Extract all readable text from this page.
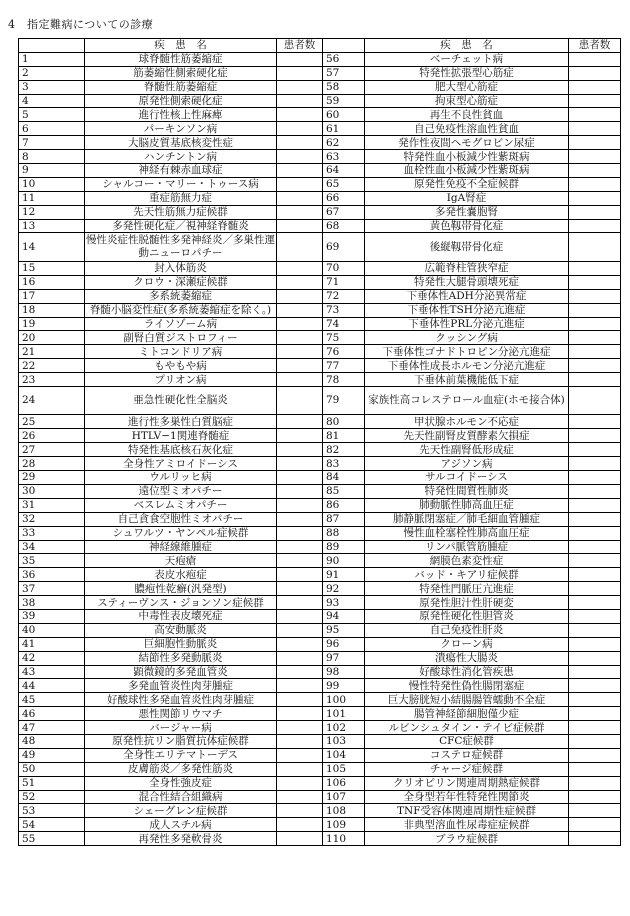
4　指定難病についての診療
	疾　患　名	患者数		疾　患　名	患者数
1	球脊髄性筋萎縮症		56	ベーチェット病	
2	筋萎縮性側索硬化症		57	特発性拡張型心筋症	
3	脊髄性筋萎縮症		58	肥大型心筋症	
4	原発性側索硬化症		59	拘束型心筋症	
5	進行性核上性麻痺		60	再生不良性貧血	
6	パーキンソン病		61	自己免疫性溶血性貧血	
7	大脳皮質基底核変性症		62	発作性夜間ヘモグロビン尿症	
8	ハンチントン病		63	特発性血小板減少性紫斑病	
9	神経有棘赤血球症		64	血栓性血小板減少性紫斑病	
10	シャルコー・マリー・トゥース病		65	原発性免疫不全症候群	
11	重症筋無力症		66	IgA腎症	
12	先天性筋無力症候群		67	多発性嚢胞腎	
13	多発性硬化症／視神経脊髄炎		68	黄色靱帯骨化症	
14	慢性炎症性脱髄性多発神経炎／多巣性運動ニューロパチー		69	後縦靱帯骨化症	
15	封入体筋炎		70	広範脊柱管狭窄症	
16	クロウ・深瀬症候群		71	特発性大腿骨頭壊死症	
17	多系統萎縮症		72	下垂体性ADH分泌異常症	
18	脊髄小脳変性症(多系統萎縮症を除く。)		73	下垂体性TSH分泌亢進症	
19	ライソゾーム病		74	下垂体性PRL分泌亢進症	
20	副腎白質ジストロフィー		75	クッシング病	
21	ミトコンドリア病		76	下垂体性ゴナドトロピン分泌亢進症	
22	もやもや病		77	下垂体性成長ホルモン分泌亢進症	
23	プリオン病		78	下垂体前葉機能低下症	
24	亜急性硬化性全脳炎		79	家族性高コレステロール血症(ホモ接合体)	
25	進行性多巣性白質脳症		80	甲状腺ホルモン不応症	
26	HTLV−1関連脊髄症		81	先天性副腎皮質酵素欠損症	
27	特発性基底核石灰化症		82	先天性副腎低形成症	
28	全身性アミロイドーシス		83	アジソン病	
29	ウルリッヒ病		84	サルコイドーシス	
30	遠位型ミオパチー		85	特発性間質性肺炎	
31	ベスレムミオパチー		86	肺動脈性肺高血圧症	
32	自己貪食空胞性ミオパチー		87	肺静脈閉塞症／肺毛細血管腫症	
33	シュワルツ・ヤンペル症候群		88	慢性血栓塞栓性肺高血圧症	
34	神経線維腫症		89	リンパ脈管筋腫症	
35	天疱瘡		90	網膜色素変性症	
36	表皮水疱症		91	バッド・キアリ症候群	
37	膿疱性乾癬(汎発型)		92	特発性門脈圧亢進症	
38	スティーヴンス・ジョンソン症候群		93	原発性胆汁性肝硬変	
39	中毒性表皮壊死症		94	原発性硬化性胆管炎	
40	高安動脈炎		95	自己免疫性肝炎	
41	巨細胞性動脈炎		96	クローン病	
42	結節性多発動脈炎		97	潰瘍性大腸炎	
43	顕微鏡的多発血管炎		98	好酸球性消化管疾患	
44	多発血管炎性肉芽腫症		99	慢性特発性偽性腸閉塞症	
45	好酸球性多発血管炎性肉芽腫症		100	巨大膀胱短小結腸腸管蠕動不全症	
46	悪性関節リウマチ		101	腸管神経節細胞僅少症	
47	バージャー病		102	ルビンシュタイン・テイビ症候群	
48	原発性抗リン脂質抗体症候群		103	CFC症候群	
49	全身性エリテマトーデス		104	コステロ症候群	
50	皮膚筋炎／多発性筋炎		105	チャージ症候群	
51	全身性強皮症		106	クリオピリン関連周期熱症候群	
52	混合性結合組織病		107	全身型若年性特発性関節炎	
53	シェーグレン症候群		108	TNF受容体関連周期性症候群	
54	成人スチル病		109	非典型溶血性尿毒症症候群	
55	再発性多発軟骨炎		110	ブラウ症候群	
